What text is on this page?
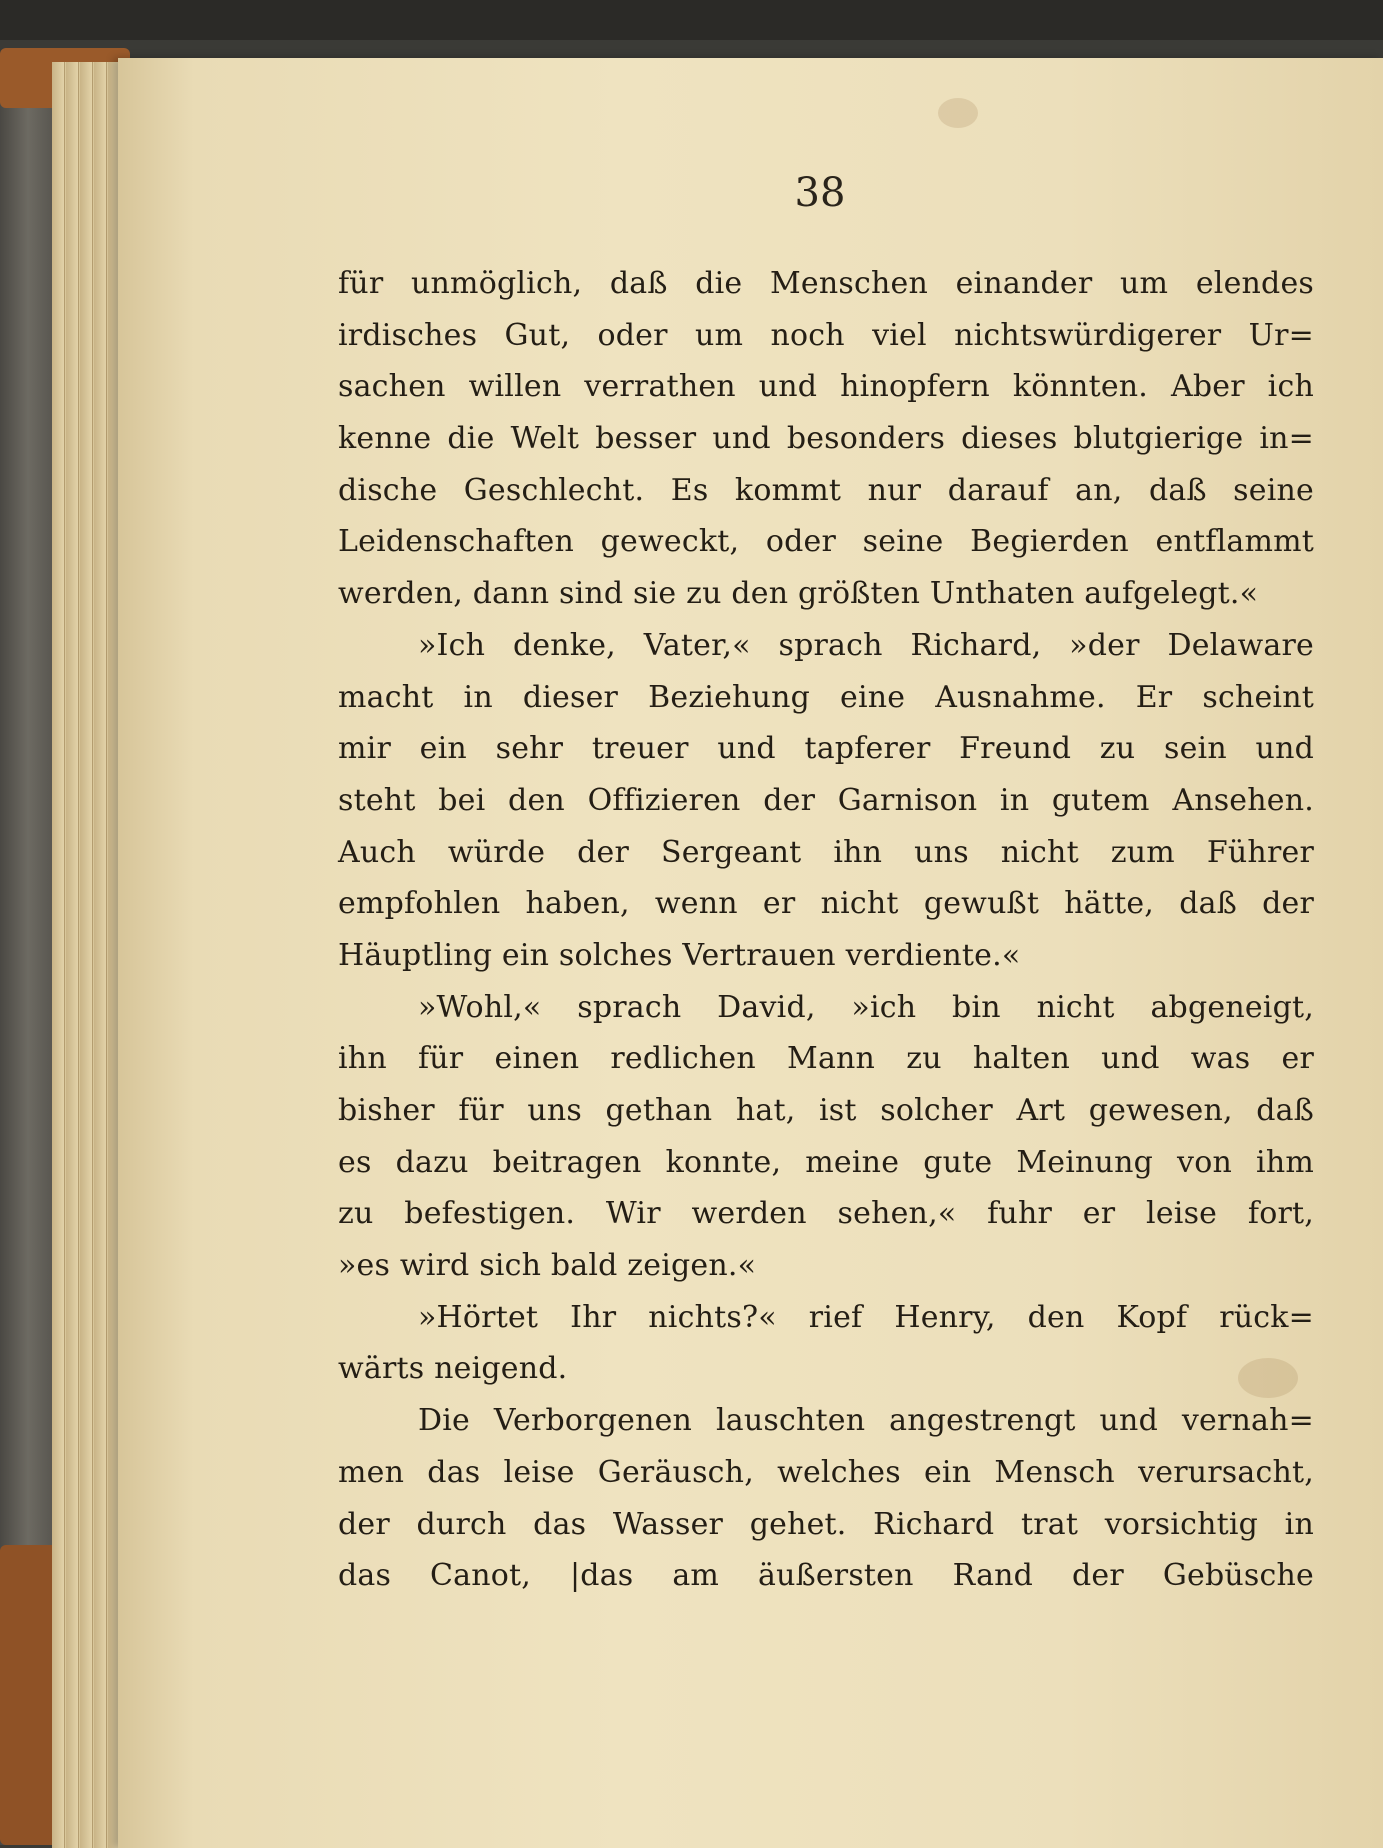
38
für unmöglich, daß die Menschen einander um elendes
irdisches Gut, oder um noch viel nichtswürdigerer Ur=
sachen willen verrathen und hinopfern könnten. Aber ich
kenne die Welt besser und besonders dieses blutgierige in=
dische Geschlecht. Es kommt nur darauf an, daß seine
Leidenschaften geweckt, oder seine Begierden entflammt
werden, dann sind sie zu den größten Unthaten aufgelegt.«
»Ich denke, Vater,« sprach Richard, »der Delaware
macht in dieser Beziehung eine Ausnahme. Er scheint
mir ein sehr treuer und tapferer Freund zu sein und
steht bei den Offizieren der Garnison in gutem Ansehen.
Auch würde der Sergeant ihn uns nicht zum Führer
empfohlen haben, wenn er nicht gewußt hätte, daß der
Häuptling ein solches Vertrauen verdiente.«
»Wohl,« sprach David, »ich bin nicht abgeneigt,
ihn für einen redlichen Mann zu halten und was er
bisher für uns gethan hat, ist solcher Art gewesen, daß
es dazu beitragen konnte, meine gute Meinung von ihm
zu befestigen. Wir werden sehen,« fuhr er leise fort,
»es wird sich bald zeigen.«
»Hörtet Ihr nichts?« rief Henry, den Kopf rück=
wärts neigend.
Die Verborgenen lauschten angestrengt und vernah=
men das leise Geräusch, welches ein Mensch verursacht,
der durch das Wasser gehet. Richard trat vorsichtig in
das Canot, |das am äußersten Rand der Gebüsche
